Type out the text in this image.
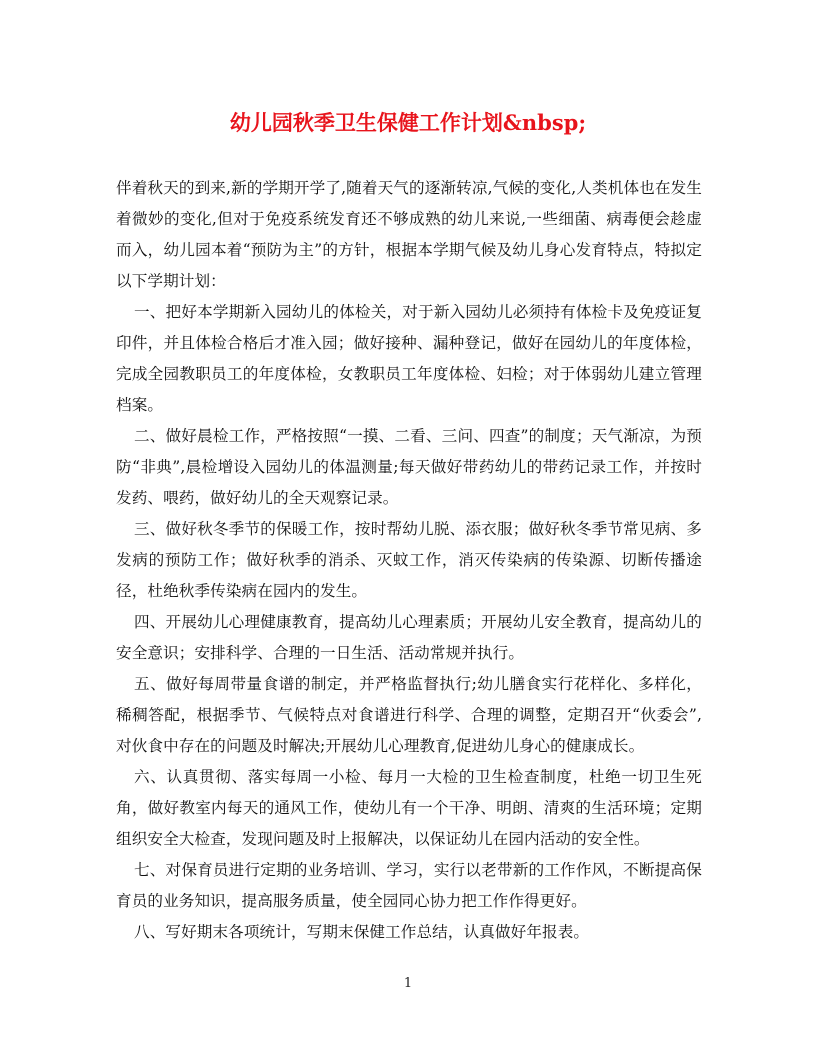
幼儿园秋季卫生保健工作计划&nbsp;

伴着秋天的到来,新的学期开学了,随着天气的逐渐转凉,气候的变化,人类机体也在发生着微妙的变化,但对于免疫系统发育还不够成熟的幼儿来说,一些细菌、病毒便会趁虚而入，幼儿园本着“预防为主”的方针，根据本学期气候及幼儿身心发育特点，特拟定以下学期计划：

一、把好本学期新入园幼儿的体检关，对于新入园幼儿必须持有体检卡及免疫证复印件，并且体检合格后才准入园；做好接种、漏种登记，做好在园幼儿的年度体检，完成全园教职员工的年度体检，女教职员工年度体检、妇检；对于体弱幼儿建立管理档案。

二、做好晨检工作，严格按照“一摸、二看、三问、四查”的制度；天气渐凉，为预防“非典”,晨检增设入园幼儿的体温测量;每天做好带药幼儿的带药记录工作，并按时发药、喂药，做好幼儿的全天观察记录。

三、做好秋冬季节的保暖工作，按时帮幼儿脱、添衣服；做好秋冬季节常见病、多发病的预防工作；做好秋季的消杀、灭蚊工作，消灭传染病的传染源、切断传播途径，杜绝秋季传染病在园内的发生。

四、开展幼儿心理健康教育，提高幼儿心理素质；开展幼儿安全教育，提高幼儿的安全意识；安排科学、合理的一日生活、活动常规并执行。

五、做好每周带量食谱的制定，并严格监督执行;幼儿膳食实行花样化、多样化，稀稠答配，根据季节、气候特点对食谱进行科学、合理的调整，定期召开“伙委会”,对伙食中存在的问题及时解决;开展幼儿心理教育,促进幼儿身心的健康成长。

六、认真贯彻、落实每周一小检、每月一大检的卫生检查制度，杜绝一切卫生死角，做好教室内每天的通风工作，使幼儿有一个干净、明朗、清爽的生活环境；定期组织安全大检查，发现问题及时上报解决，以保证幼儿在园内活动的安全性。

七、对保育员进行定期的业务培训、学习，实行以老带新的工作作风，不断提高保育员的业务知识，提高服务质量，使全园同心协力把工作作得更好。

八、写好期末各项统计，写期末保健工作总结，认真做好年报表。

1
